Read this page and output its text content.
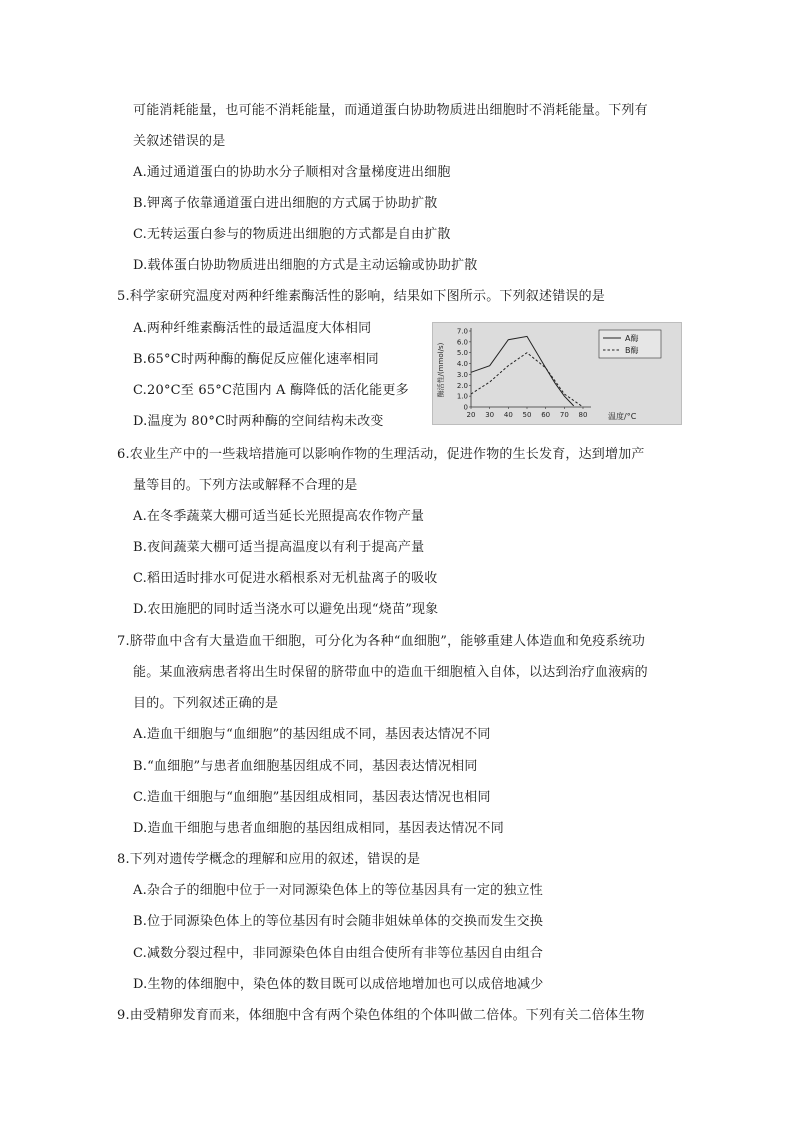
可能消耗能量，也可能不消耗能量，而通道蛋白协助物质进出细胞时不消耗能量。下列有
关叙述错误的是
A.通过通道蛋白的协助水分子顺相对含量梯度进出细胞
B.钾离子依靠通道蛋白进出细胞的方式属于协助扩散
C.无转运蛋白参与的物质进出细胞的方式都是自由扩散
D.载体蛋白协助物质进出细胞的方式是主动运输或协助扩散
5.科学家研究温度对两种纤维素酶活性的影响，结果如下图所示。下列叙述错误的是
A.两种纤维素酶活性的最适温度大体相同
B.65°C时两种酶的酶促反应催化速率相同
C.20°C至 65°C范围内 A 酶降低的活化能更多
D.温度为 80°C时两种酶的空间结构未改变
酶活性/(mmol/s)
温度/°C
0
1.0
2.0
3.0
4.0
5.0
6.0
7.0
20 30 40 50 60 70 80
A酶
B酶
6.农业生产中的一些栽培措施可以影响作物的生理活动，促进作物的生长发育，达到增加产
量等目的。下列方法或解释不合理的是
A.在冬季蔬菜大棚可适当延长光照提高农作物产量
B.夜间蔬菜大棚可适当提高温度以有利于提高产量
C.稻田适时排水可促进水稻根系对无机盐离子的吸收
D.农田施肥的同时适当浇水可以避免出现“烧苗”现象
7.脐带血中含有大量造血干细胞，可分化为各种“血细胞”，能够重建人体造血和免疫系统功
能。某血液病患者将出生时保留的脐带血中的造血干细胞植入自体，以达到治疗血液病的
目的。下列叙述正确的是
A.造血干细胞与“血细胞”的基因组成不同，基因表达情况不同
B.“血细胞”与患者血细胞基因组成不同，基因表达情况相同
C.造血干细胞与“血细胞”基因组成相同，基因表达情况也相同
D.造血干细胞与患者血细胞的基因组成相同，基因表达情况不同
8.下列对遗传学概念的理解和应用的叙述，错误的是
A.杂合子的细胞中位于一对同源染色体上的等位基因具有一定的独立性
B.位于同源染色体上的等位基因有时会随非姐妹单体的交换而发生交换
C.减数分裂过程中，非同源染色体自由组合使所有非等位基因自由组合
D.生物的体细胞中，染色体的数目既可以成倍地增加也可以成倍地减少
9.由受精卵发育而来，体细胞中含有两个染色体组的个体叫做二倍体。下列有关二倍体生物
